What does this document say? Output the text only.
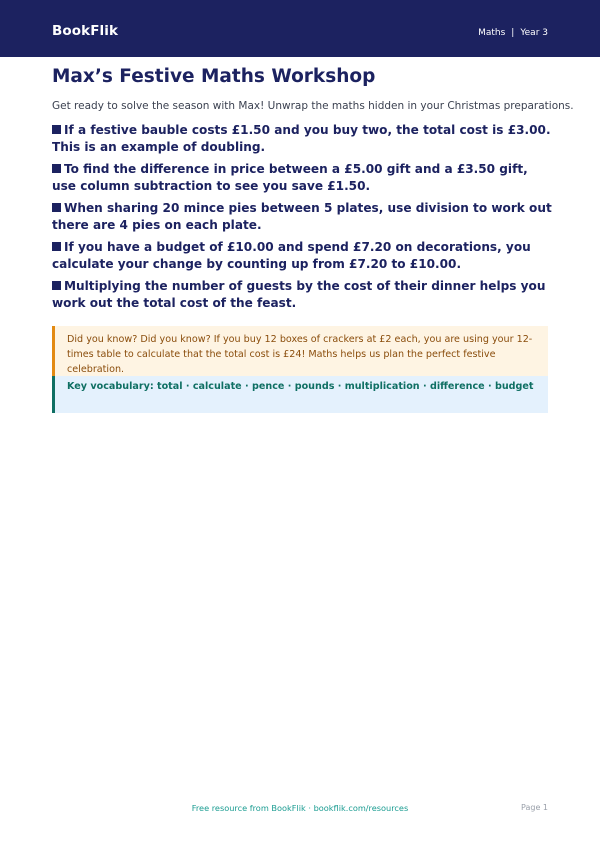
BookFlik	Maths | Year 3
Max’s Festive Maths Workshop
Get ready to solve the season with Max! Unwrap the maths hidden in your Christmas preparations.
If a festive bauble costs £1.50 and you buy two, the total cost is £3.00. This is an example of doubling.
To find the difference in price between a £5.00 gift and a £3.50 gift, use column subtraction to see you save £1.50.
When sharing 20 mince pies between 5 plates, use division to work out there are 4 pies on each plate.
If you have a budget of £10.00 and spend £7.20 on decorations, you calculate your change by counting up from £7.20 to £10.00.
Multiplying the number of guests by the cost of their dinner helps you work out the total cost of the feast.
Did you know? Did you know? If you buy 12 boxes of crackers at £2 each, you are using your 12-times table to calculate that the total cost is £24! Maths helps us plan the perfect festive celebration.
Key vocabulary: total · calculate · pence · pounds · multiplication · difference · budget
Free resource from BookFlik · bookflik.com/resources	Page 1
